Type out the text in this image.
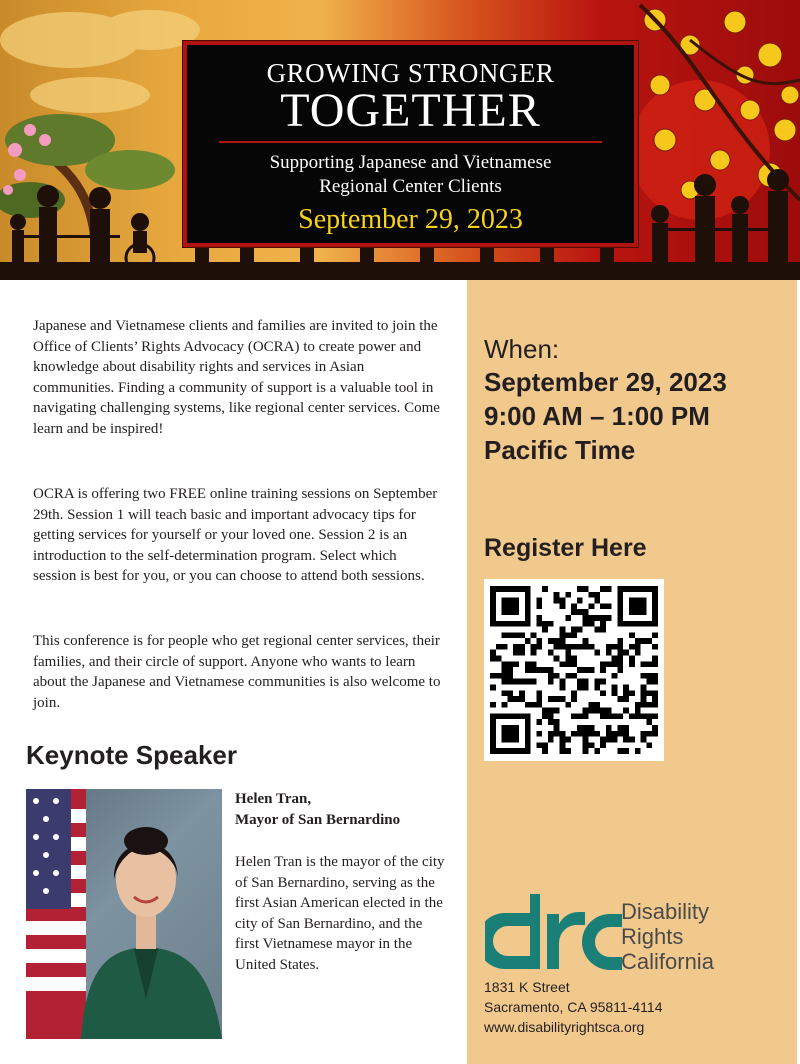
GROWING STRONGER
TOGETHER
Supporting Japanese and Vietnamese
Regional Center Clients
September 29, 2023

Japanese and Vietnamese clients and families are invited to join the Office of Clients’ Rights Advocacy (OCRA) to create power and knowledge about disability rights and services in Asian communities. Finding a community of support is a valuable tool in navigating challenging systems, like regional center services. Come learn and be inspired!

OCRA is offering two FREE online training sessions on September 29th. Session 1 will teach basic and important advocacy tips for getting services for yourself or your loved one. Session 2 is an introduction to the self-determination program. Select which session is best for you, or you can choose to attend both sessions.

This conference is for people who get regional center services, their families, and their circle of support. Anyone who wants to learn about the Japanese and Vietnamese communities is also welcome to join.

Keynote Speaker
Helen Tran,
Mayor of San Bernardino

Helen Tran is the mayor of the city of San Bernardino, serving as the first Asian American elected in the city of San Bernardino, and the first Vietnamese mayor in the United States.

When:
September 29, 2023
9:00 AM – 1:00 PM
Pacific Time
Register Here
Disability
Rights
California
1831 K Street
Sacramento, CA 95811-4114
www.disabilityrightsca.org
